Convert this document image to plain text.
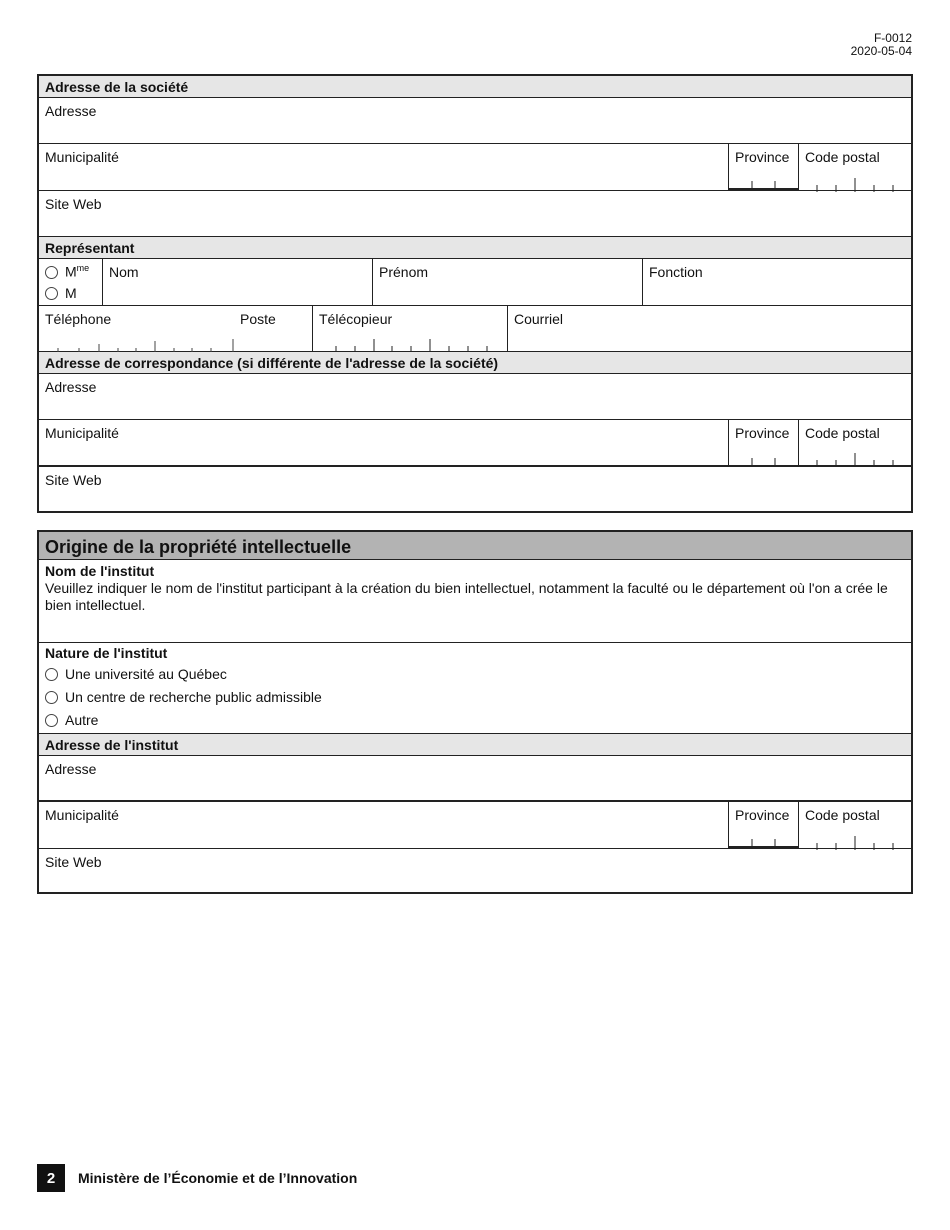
F-0012
2020-05-04
Adresse de la société
Adresse
Municipalité	Province Code postal
Site Web
Représentant
$M^{me}$
M
Nom	Prénom	Fonction
Téléphone	Poste	Télécopieur	Courriel
Adresse de correspondance (si différente de l'adresse de la société)
Adresse
Municipalité	Province Code postal
Site Web
Origine de la propriété intellectuelle
Nom de l'institut
Veuillez indiquer le nom de l'institut participant à la création du bien intellectuel, notamment la faculté ou le département où l'on a crée le bien intellectuel.
Nature de l'institut
Une université au Québec
Un centre de recherche public admissible
Autre
Adresse de l'institut
Adresse
Municipalité	Province Code postal
Site Web
2	Ministère de l’Économie et de l’Innovation
